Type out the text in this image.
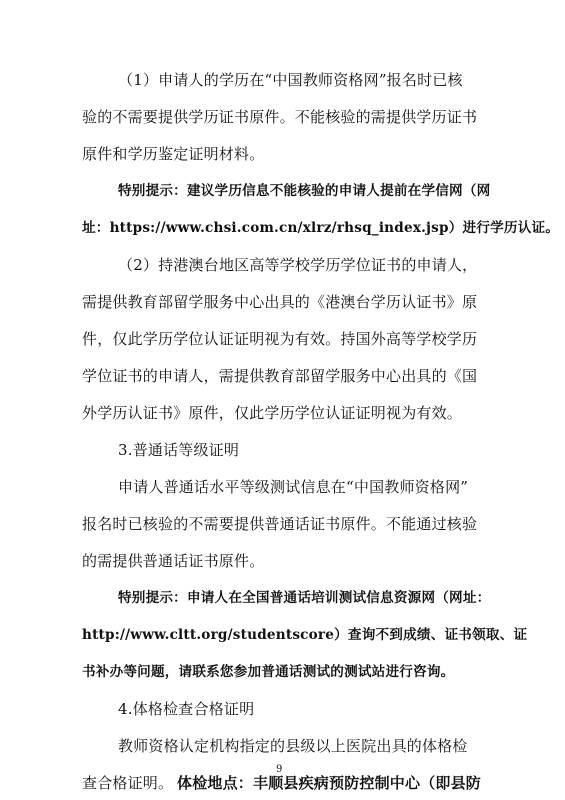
（1）申请人的学历在“中国教师资格网”报名时已核
验的不需要提供学历证书原件。不能核验的需提供学历证书
原件和学历鉴定证明材料。
特别提示：建议学历信息不能核验的申请人提前在学信网（网
址：https://www.chsi.com.cn/xlrz/rhsq_index.jsp）进行学历认证。
（2）持港澳台地区高等学校学历学位证书的申请人，
需提供教育部留学服务中心出具的《港澳台学历认证书》原
件，仅此学历学位认证证明视为有效。持国外高等学校学历
学位证书的申请人，需提供教育部留学服务中心出具的《国
外学历认证书》原件，仅此学历学位认证证明视为有效。
3.普通话等级证明
申请人普通话水平等级测试信息在“中国教师资格网”
报名时已核验的不需要提供普通话证书原件。不能通过核验
的需提供普通话证书原件。
特别提示：申请人在全国普通话培训测试信息资源网（网址：
http://www.cltt.org/studentscore）查询不到成绩、证书领取、证
书补办等问题，请联系您参加普通话测试的测试站进行咨询。
4.体格检查合格证明
教师资格认定机构指定的县级以上医院出具的体格检
查合格证明。 体检地点：丰顺县疾病预防控制中心（即县防
9
